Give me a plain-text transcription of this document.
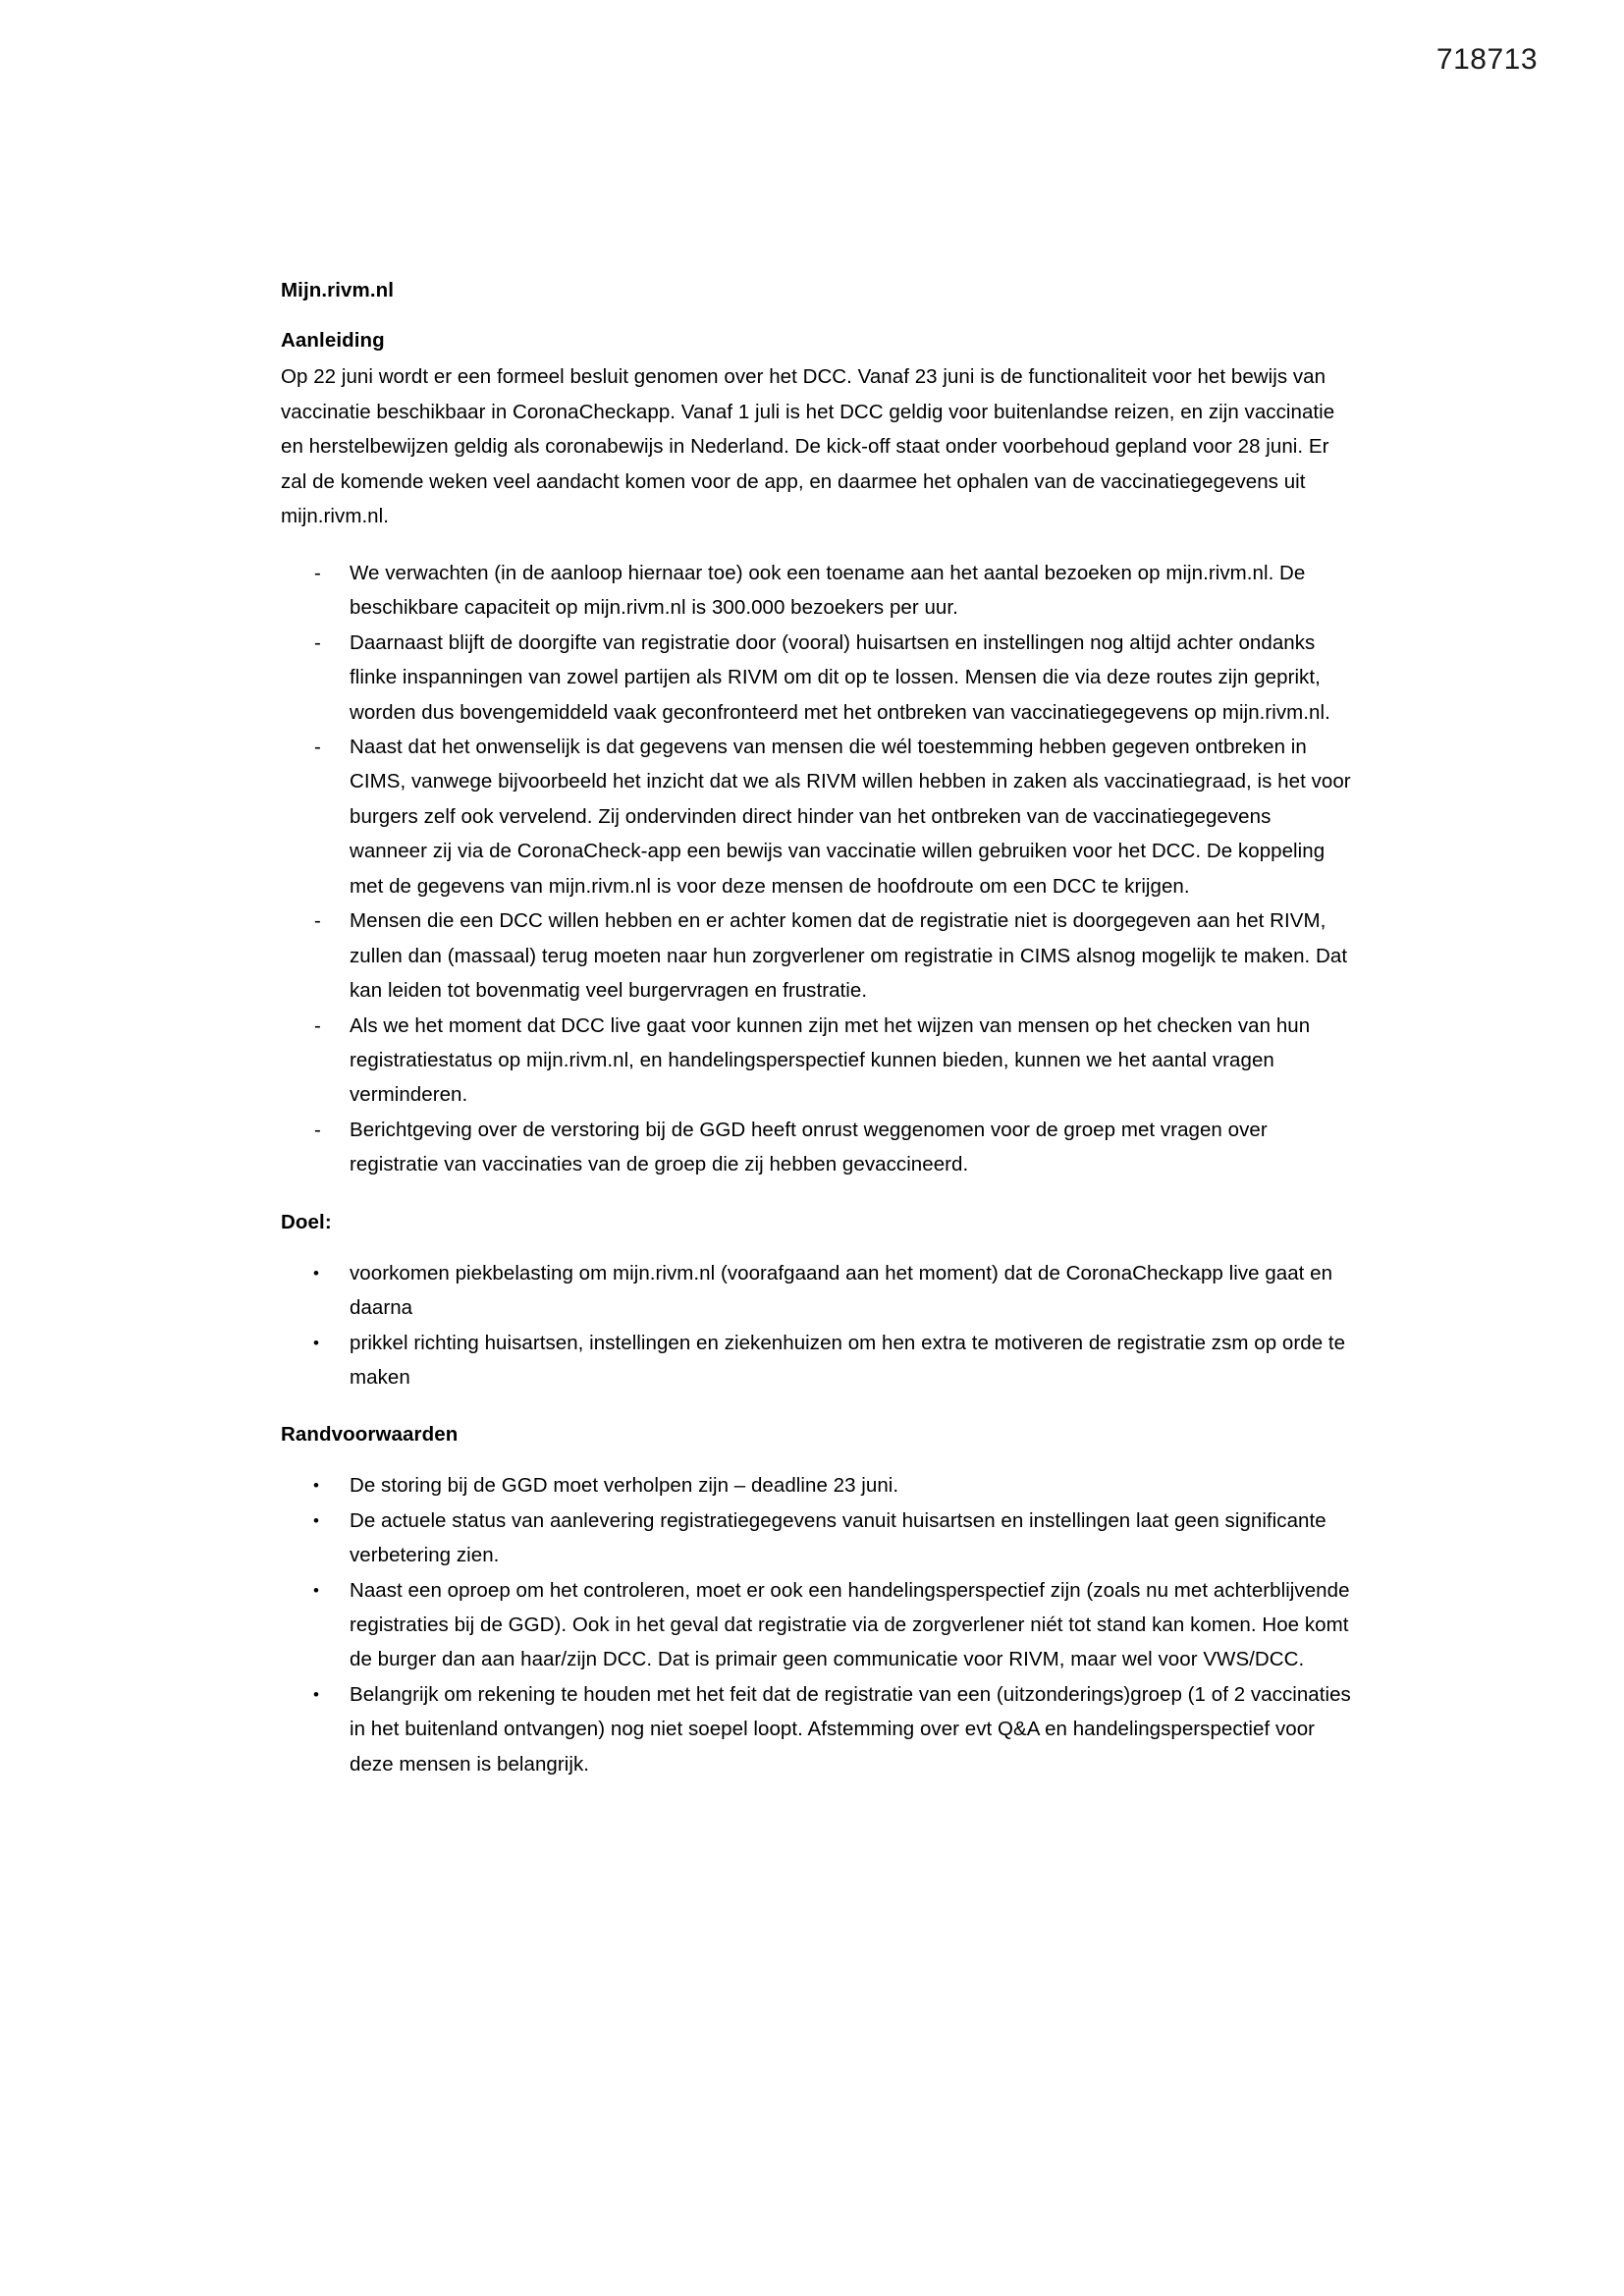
718713
Mijn.rivm.nl
Aanleiding

Op 22 juni wordt er een formeel besluit genomen over het DCC. Vanaf 23 juni is de functionaliteit voor het bewijs van vaccinatie beschikbaar in CoronaCheckapp. Vanaf 1 juli is het DCC geldig voor buitenlandse reizen, en zijn vaccinatie en herstelbewijzen geldig als coronabewijs in Nederland. De kick-off staat onder voorbehoud gepland voor 28 juni. Er zal de komende weken veel aandacht komen voor de app, en daarmee het ophalen van de vaccinatiegegevens uit mijn.rivm.nl.

- We verwachten (in de aanloop hiernaar toe) ook een toename aan het aantal bezoeken op mijn.rivm.nl. De beschikbare capaciteit op mijn.rivm.nl is 300.000 bezoekers per uur.
- Daarnaast blijft de doorgifte van registratie door (vooral) huisartsen en instellingen nog altijd achter ondanks flinke inspanningen van zowel partijen als RIVM om dit op te lossen. Mensen die via deze routes zijn geprikt, worden dus bovengemiddeld vaak geconfronteerd met het ontbreken van vaccinatiegegevens op mijn.rivm.nl.
- Naast dat het onwenselijk is dat gegevens van mensen die wél toestemming hebben gegeven ontbreken in CIMS, vanwege bijvoorbeeld het inzicht dat we als RIVM willen hebben in zaken als vaccinatiegraad, is het voor burgers zelf ook vervelend. Zij ondervinden direct hinder van het ontbreken van de vaccinatiegegevens wanneer zij via de CoronaCheck-app een bewijs van vaccinatie willen gebruiken voor het DCC. De koppeling met de gegevens van mijn.rivm.nl is voor deze mensen de hoofdroute om een DCC te krijgen.
- Mensen die een DCC willen hebben en er achter komen dat de registratie niet is doorgegeven aan het RIVM, zullen dan (massaal) terug moeten naar hun zorgverlener om registratie in CIMS alsnog mogelijk te maken. Dat kan leiden tot bovenmatig veel burgervragen en frustratie.
- Als we het moment dat DCC live gaat voor kunnen zijn met het wijzen van mensen op het checken van hun registratiestatus op mijn.rivm.nl, en handelingsperspectief kunnen bieden, kunnen we het aantal vragen verminderen.
- Berichtgeving over de verstoring bij de GGD heeft onrust weggenomen voor de groep met vragen over registratie van vaccinaties van de groep die zij hebben gevaccineerd.
Doel:
• voorkomen piekbelasting om mijn.rivm.nl (voorafgaand aan het moment) dat de CoronaCheckapp live gaat en daarna
• prikkel richting huisartsen, instellingen en ziekenhuizen om hen extra te motiveren de registratie zsm op orde te maken
Randvoorwaarden
• De storing bij de GGD moet verholpen zijn – deadline 23 juni.
• De actuele status van aanlevering registratiegegevens vanuit huisartsen en instellingen laat geen significante verbetering zien.
• Naast een oproep om het controleren, moet er ook een handelingsperspectief zijn (zoals nu met achterblijvende registraties bij de GGD). Ook in het geval dat registratie via de zorgverlener niét tot stand kan komen. Hoe komt de burger dan aan haar/zijn DCC. Dat is primair geen communicatie voor RIVM, maar wel voor VWS/DCC.
• Belangrijk om rekening te houden met het feit dat de registratie van een (uitzonderings)groep (1 of 2 vaccinaties in het buitenland ontvangen) nog niet soepel loopt. Afstemming over evt Q&A en handelingsperspectief voor deze mensen is belangrijk.
